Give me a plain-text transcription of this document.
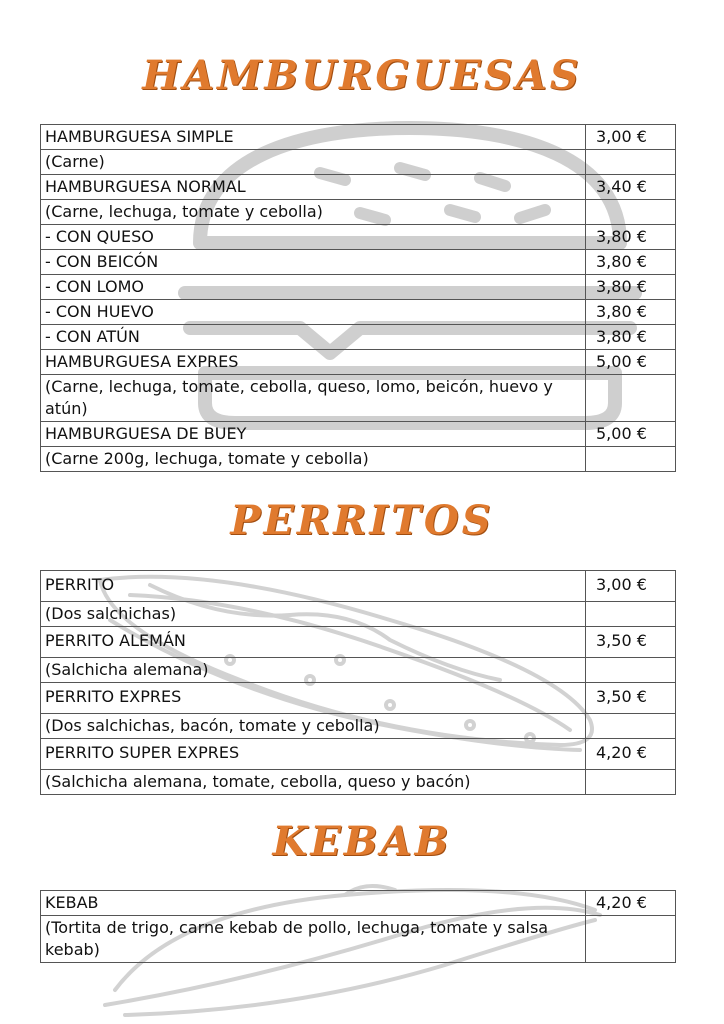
HAMBURGUESAS
HAMBURGUESA SIMPLE	3,00 €
(Carne)	
HAMBURGUESA NORMAL	3,40 €
(Carne, lechuga, tomate y cebolla)	
- CON QUESO	3,80 €
- CON BEICÓN	3,80 €
- CON LOMO	3,80 €
- CON HUEVO	3,80 €
- CON ATÚN	3,80 €
HAMBURGUESA EXPRES	5,00 €
(Carne, lechuga, tomate, cebolla, queso, lomo, beicón, huevo y atún)	
HAMBURGUESA DE BUEY	5,00 €
(Carne 200g, lechuga, tomate y cebolla)	
PERRITOS
PERRITO	3,00 €
(Dos salchichas)	
PERRITO ALEMÁN	3,50 €
(Salchicha alemana)	
PERRITO EXPRES	3,50 €
(Dos salchichas, bacón, tomate y cebolla)	
PERRITO SUPER EXPRES	4,20 €
(Salchicha alemana, tomate, cebolla, queso y bacón)	
KEBAB
KEBAB	4,20 €
(Tortita de trigo, carne kebab de pollo, lechuga, tomate y salsa kebab)	
